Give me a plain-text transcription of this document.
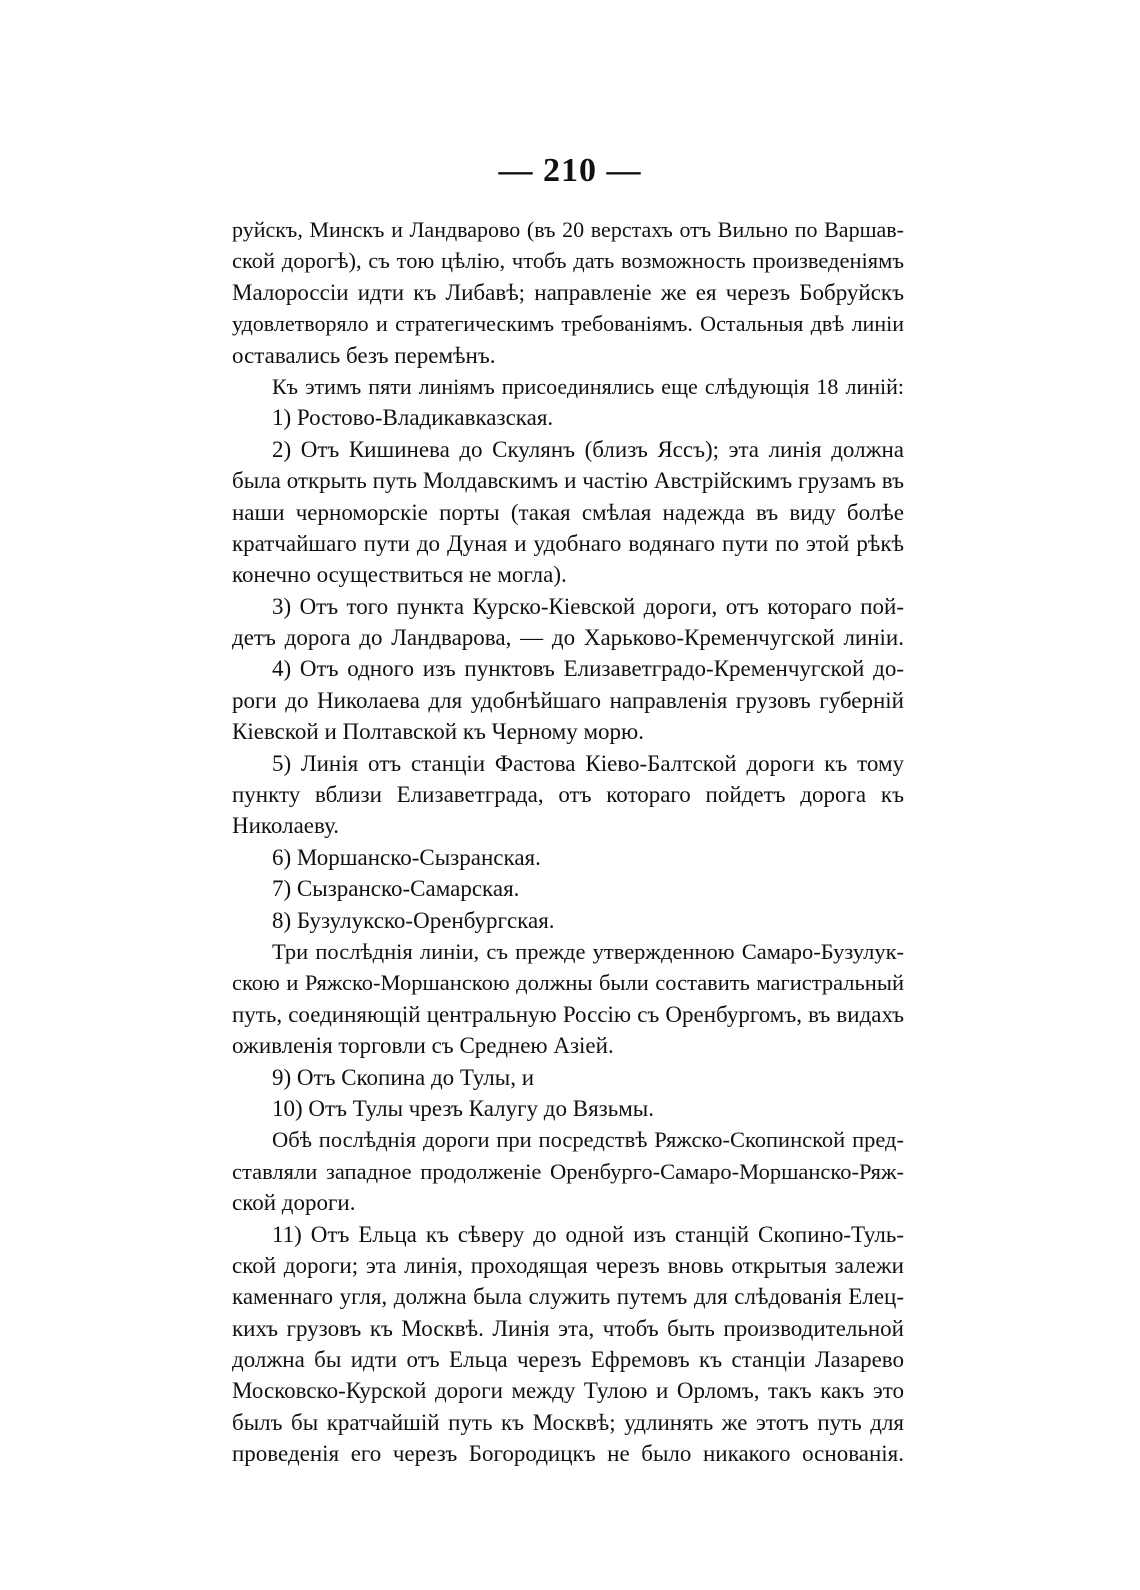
— 210 —
руйскъ, Минскъ и Ландварово (въ 20 верстахъ отъ Вильно по Варшав-
ской дорогѣ), съ тою цѣлію, чтобъ дать возможность произведеніямъ
Малороссіи идти къ Либавѣ; направленіе же ея черезъ Бобруйскъ
удовлетворяло и стратегическимъ требованіямъ. Остальныя двѣ линіи
оставались безъ перемѣнъ.
Къ этимъ пяти линіямъ присоединялись еще слѣдующія 18 линій:
1) Ростово-Владикавказская.
2) Отъ Кишинева до Скулянъ (близъ Яссъ); эта линія должна
была открыть путь Молдавскимъ и частію Австрійскимъ грузамъ въ
наши черноморскіе порты (такая смѣлая надежда въ виду болѣе
кратчайшаго пути до Дуная и удобнаго водянаго пути по этой рѣкѣ
конечно осуществиться не могла).
3) Отъ того пункта Курско-Кіевской дороги, отъ котораго пой-
детъ дорога до Ландварова, — до Харьково-Кременчугской линіи.
4) Отъ одного изъ пунктовъ Елизаветградо-Кременчугской до-
роги до Николаева для удобнѣйшаго направленія грузовъ губерній
Кіевской и Полтавской къ Черному морю.
5) Линія отъ станціи Фастова Кіево-Балтской дороги къ тому
пункту вблизи Елизаветграда, отъ котораго пойдетъ дорога къ
Николаеву.
6) Моршанско-Сызранская.
7) Сызранско-Самарская.
8) Бузулукско-Оренбургская.
Три послѣднія линіи, съ прежде утвержденною Самаро-Бузулук-
скою и Ряжско-Моршанскою должны были составить магистральный
путь, соединяющій центральную Россію съ Оренбургомъ, въ видахъ
оживленія торговли съ Среднею Азіей.
9) Отъ Скопина до Тулы, и
10) Отъ Тулы чрезъ Калугу до Вязьмы.
Обѣ послѣднія дороги при посредствѣ Ряжско-Скопинской пред-
ставляли западное продолженіе Оренбурго-Самаро-Моршанско-Ряж-
ской дороги.
11) Отъ Ельца къ сѣверу до одной изъ станцій Скопино-Туль-
ской дороги; эта линія, проходящая черезъ вновь открытыя залежи
каменнаго угля, должна была служить путемъ для слѣдованія Елец-
кихъ грузовъ къ Москвѣ. Линія эта, чтобъ быть производительной
должна бы идти отъ Ельца черезъ Ефремовъ къ станціи Лазарево
Московско-Курской дороги между Тулою и Орломъ, такъ какъ это
былъ бы кратчайшій путь къ Москвѣ; удлинять же этотъ путь для
проведенія его черезъ Богородицкъ не было никакого основанія.
